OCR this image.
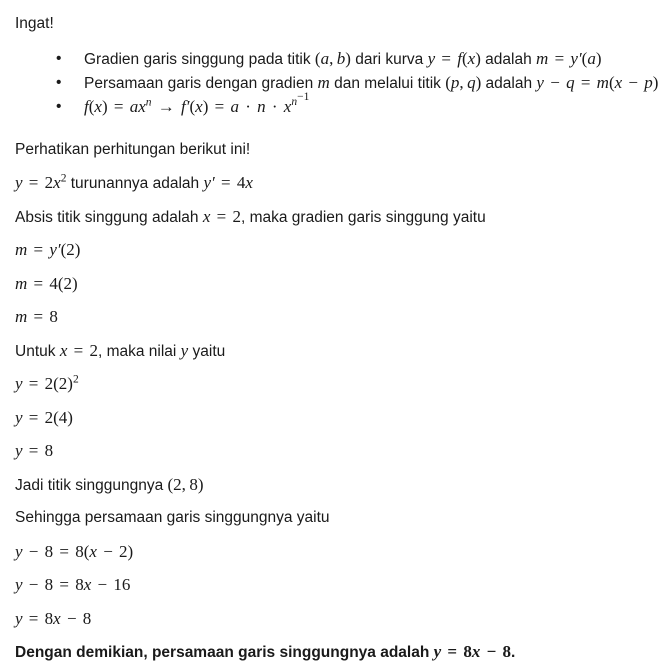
Ingat!
• Gradien garis singgung pada titik (a, b) dari kurva y = f(x) adalah m = y′(a)
• Persamaan garis dengan gradien m dan melalui titik (p, q) adalah y − q = m(x − p)
• $f(x) = ax^n \to f'(x) = a \cdot n \cdot x^{n-1}$
Perhatikan perhitungan berikut ini!
$y = 2x^2$ turunannya adalah y′ = 4x
Absis titik singgung adalah x = 2, maka gradien garis singgung yaitu
m = y′(2)
m = 4(2)
m = 8
Untuk x = 2, maka nilai y yaitu
$y = 2(2)^2$
y = 2(4)
y = 8
Jadi titik singgungnya (2, 8)
Sehingga persamaan garis singgungnya yaitu
y − 8 = 8(x − 2)
y − 8 = 8x − 16
y = 8x − 8
Dengan demikian, persamaan garis singgungnya adalah y = 8x − 8.
